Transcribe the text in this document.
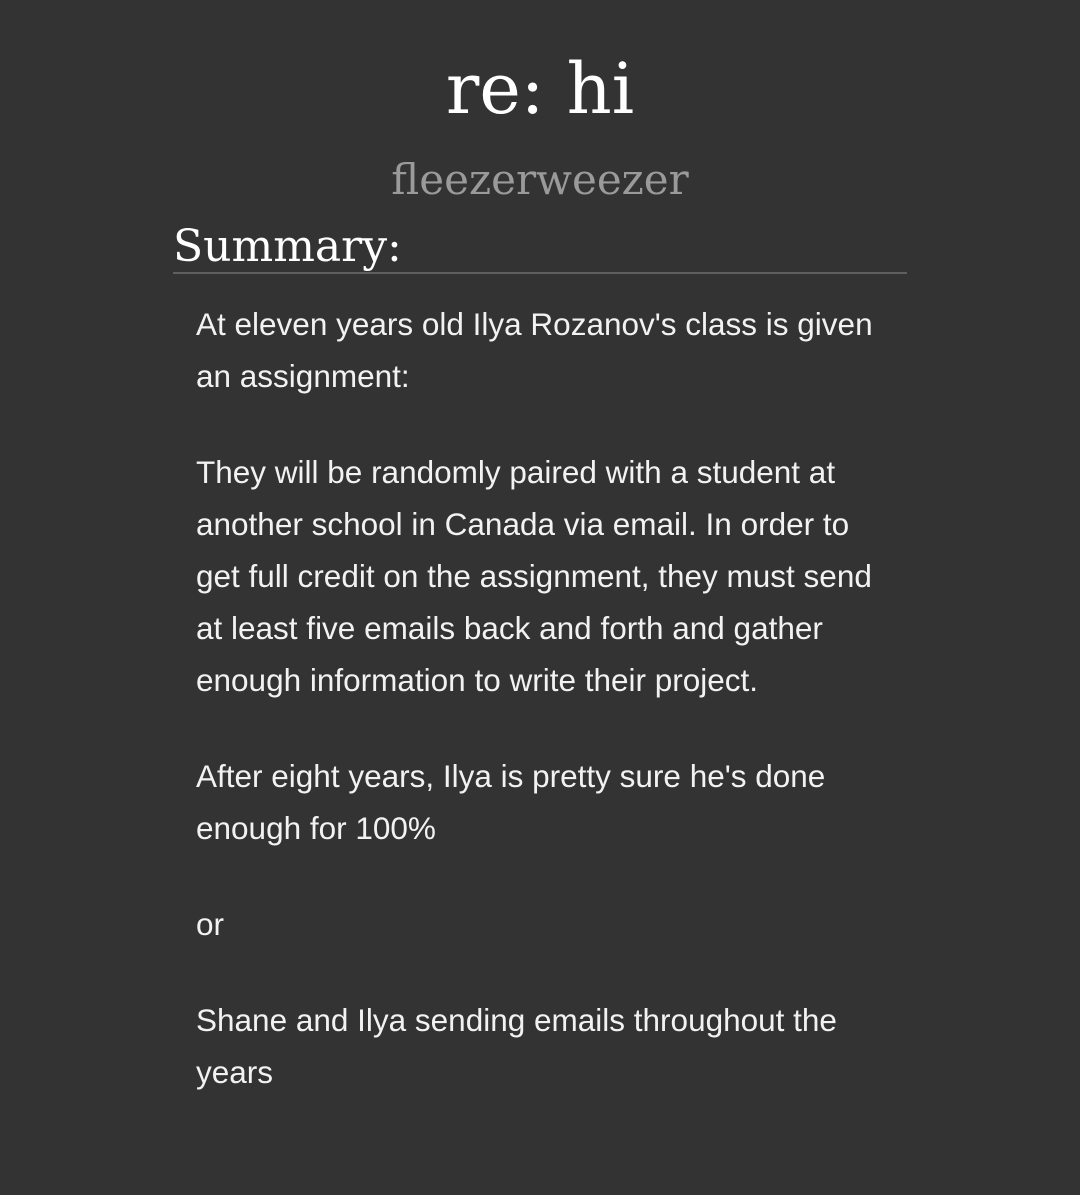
re: hi
fleezerweezer
Summary:

At eleven years old Ilya Rozanov's class is given an assignment:

They will be randomly paired with a student at another school in Canada via email. In order to get full credit on the assignment, they must send at least five emails back and forth and gather enough information to write their project.

After eight years, Ilya is pretty sure he's done enough for 100%

or

Shane and Ilya sending emails throughout the years
